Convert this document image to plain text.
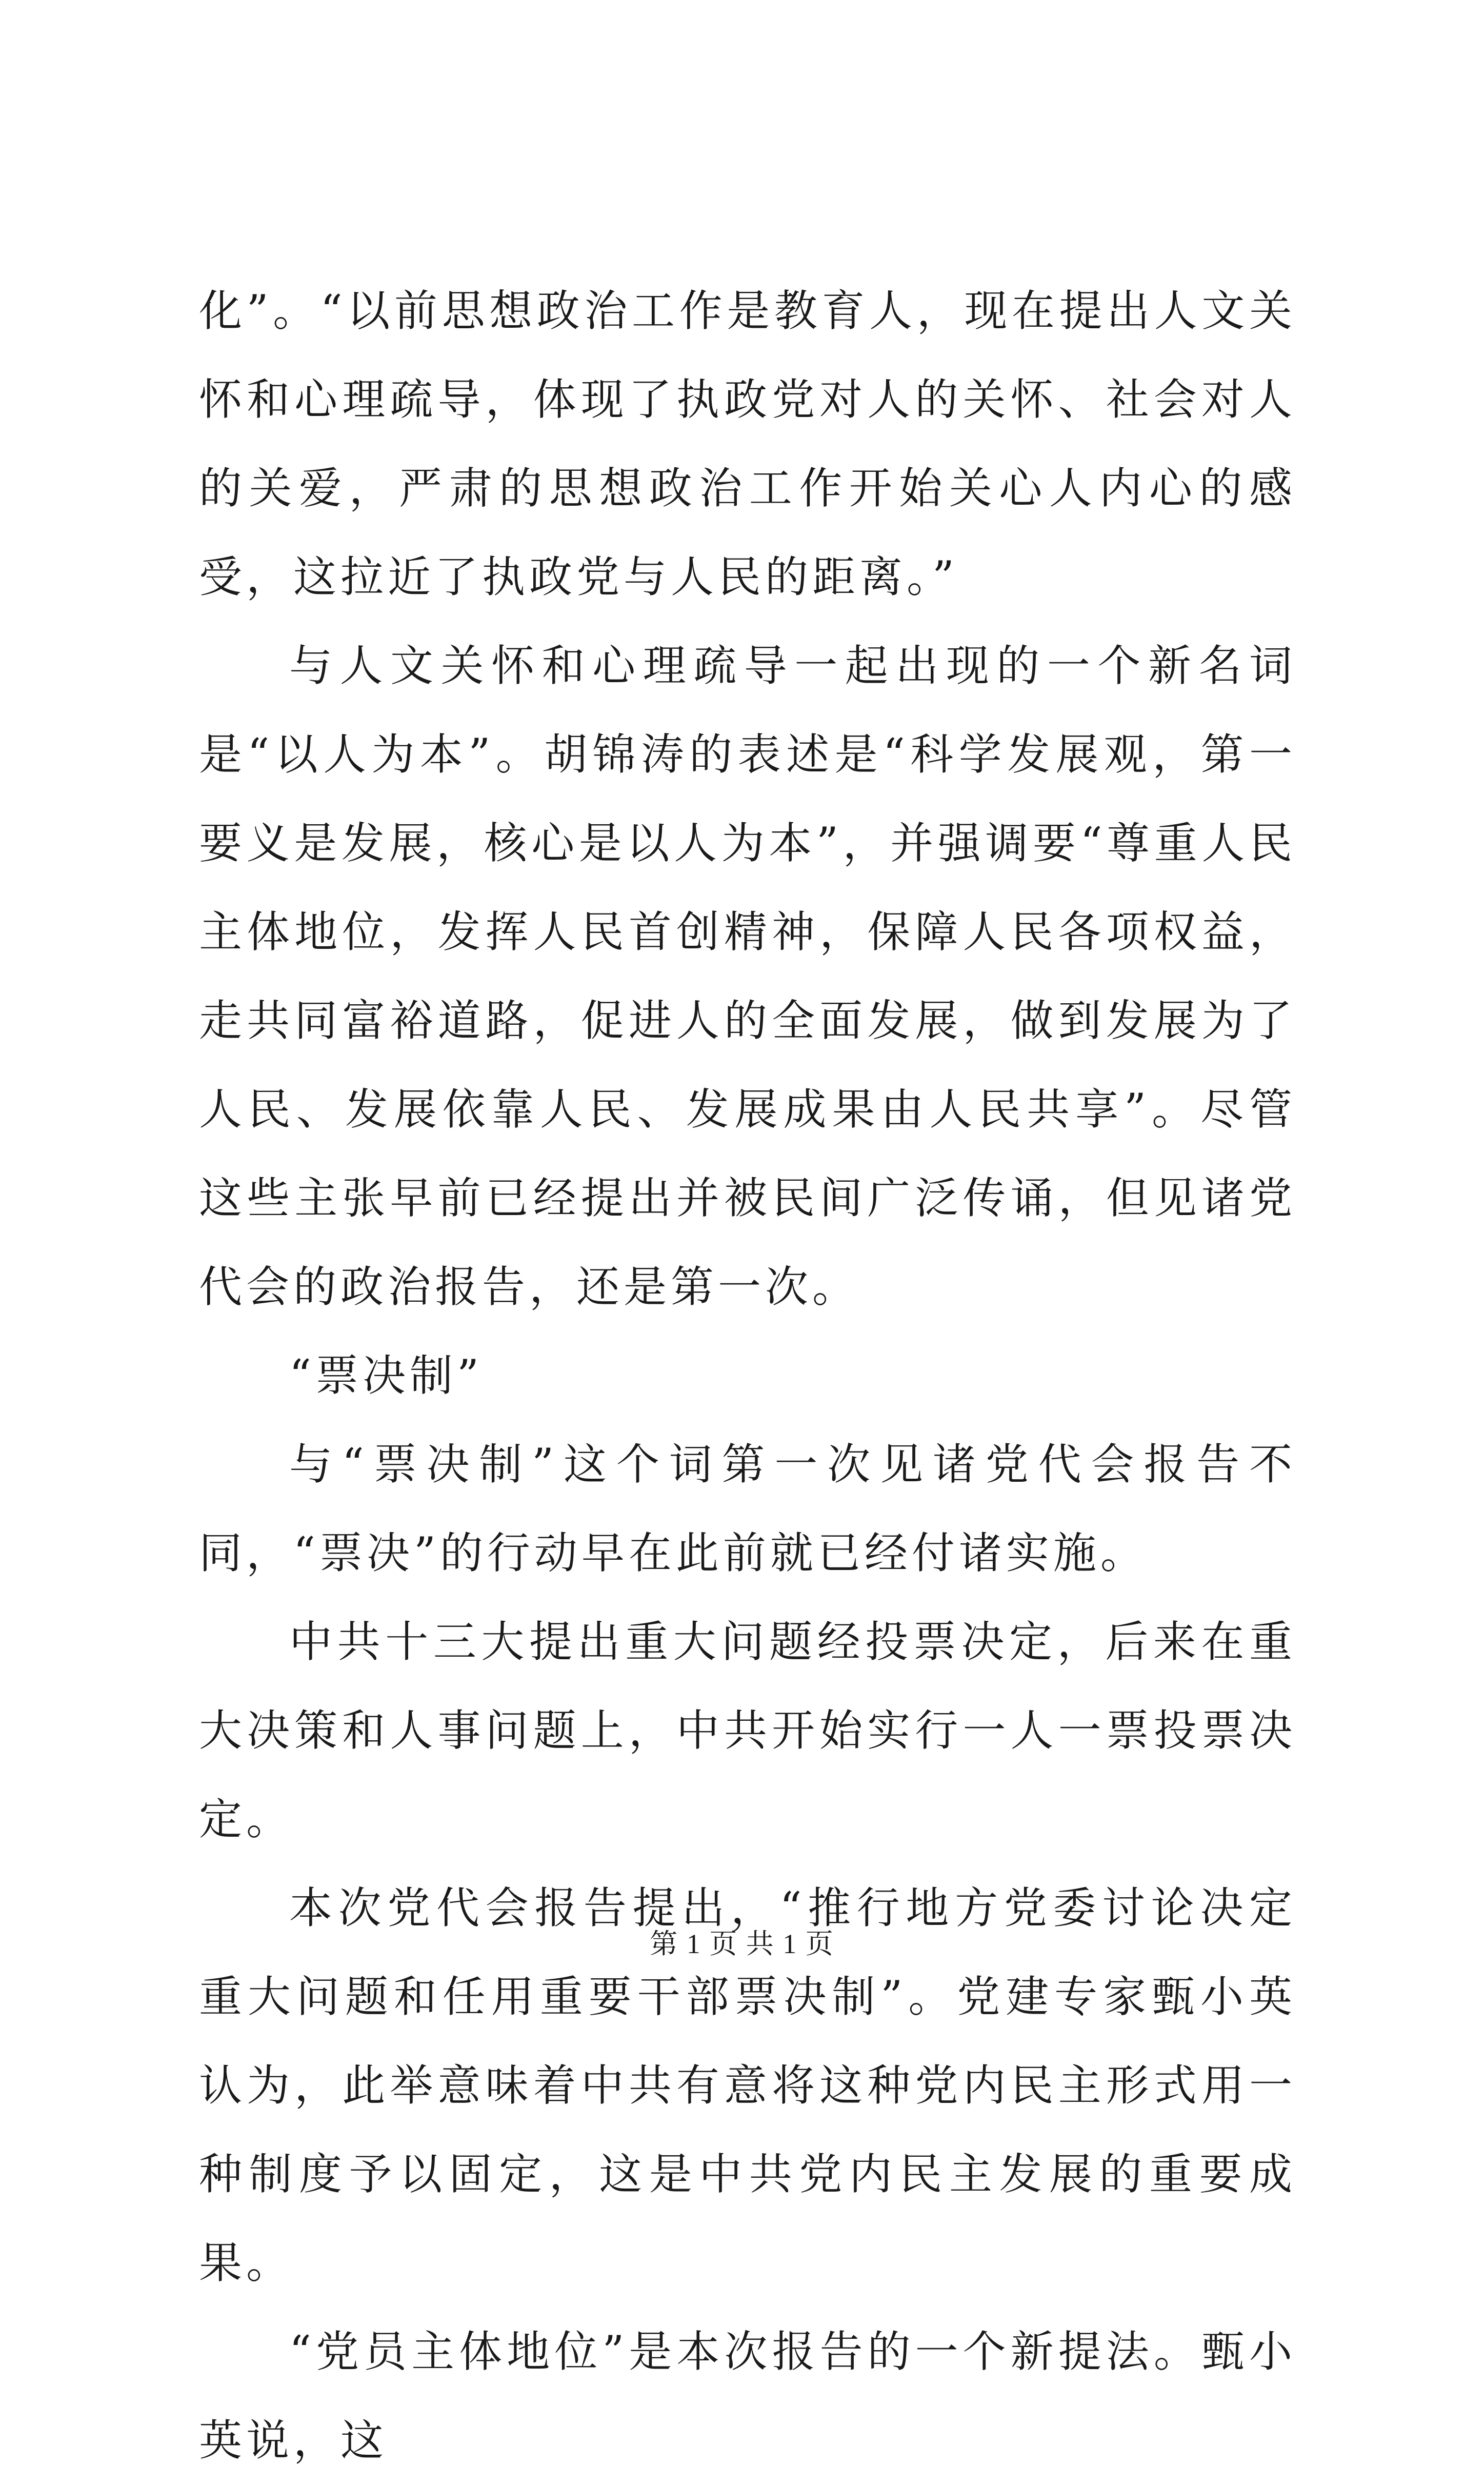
化”。“以前思想政治工作是教育人，现在提出人文关怀和心理疏导，体现了执政党对人的关怀、社会对人的关爱，严肃的思想政治工作开始关心人内心的感受，这拉近了执政党与人民的距离。”

与人文关怀和心理疏导一起出现的一个新名词是“以人为本”。胡锦涛的表述是“科学发展观，第一要义是发展，核心是以人为本”，并强调要“尊重人民主体地位，发挥人民首创精神，保障人民各项权益，走共同富裕道路，促进人的全面发展，做到发展为了人民、发展依靠人民、发展成果由人民共享”。尽管这些主张早前已经提出并被民间广泛传诵，但见诸党代会的政治报告，还是第一次。

“票决制”

与“票决制”这个词第一次见诸党代会报告不同，“票决”的行动早在此前就已经付诸实施。

中共十三大提出重大问题经投票决定，后来在重大决策和人事问题上，中共开始实行一人一票投票决定。

本次党代会报告提出，“推行地方党委讨论决定重大问题和任用重要干部票决制”。党建专家甄小英认为，此举意味着中共有意将这种党内民主形式用一种制度予以固定，这是中共党内民主发展的重要成果。

“党员主体地位”是本次报告的一个新提法。甄小英说，这

第 1 页 共 1 页
